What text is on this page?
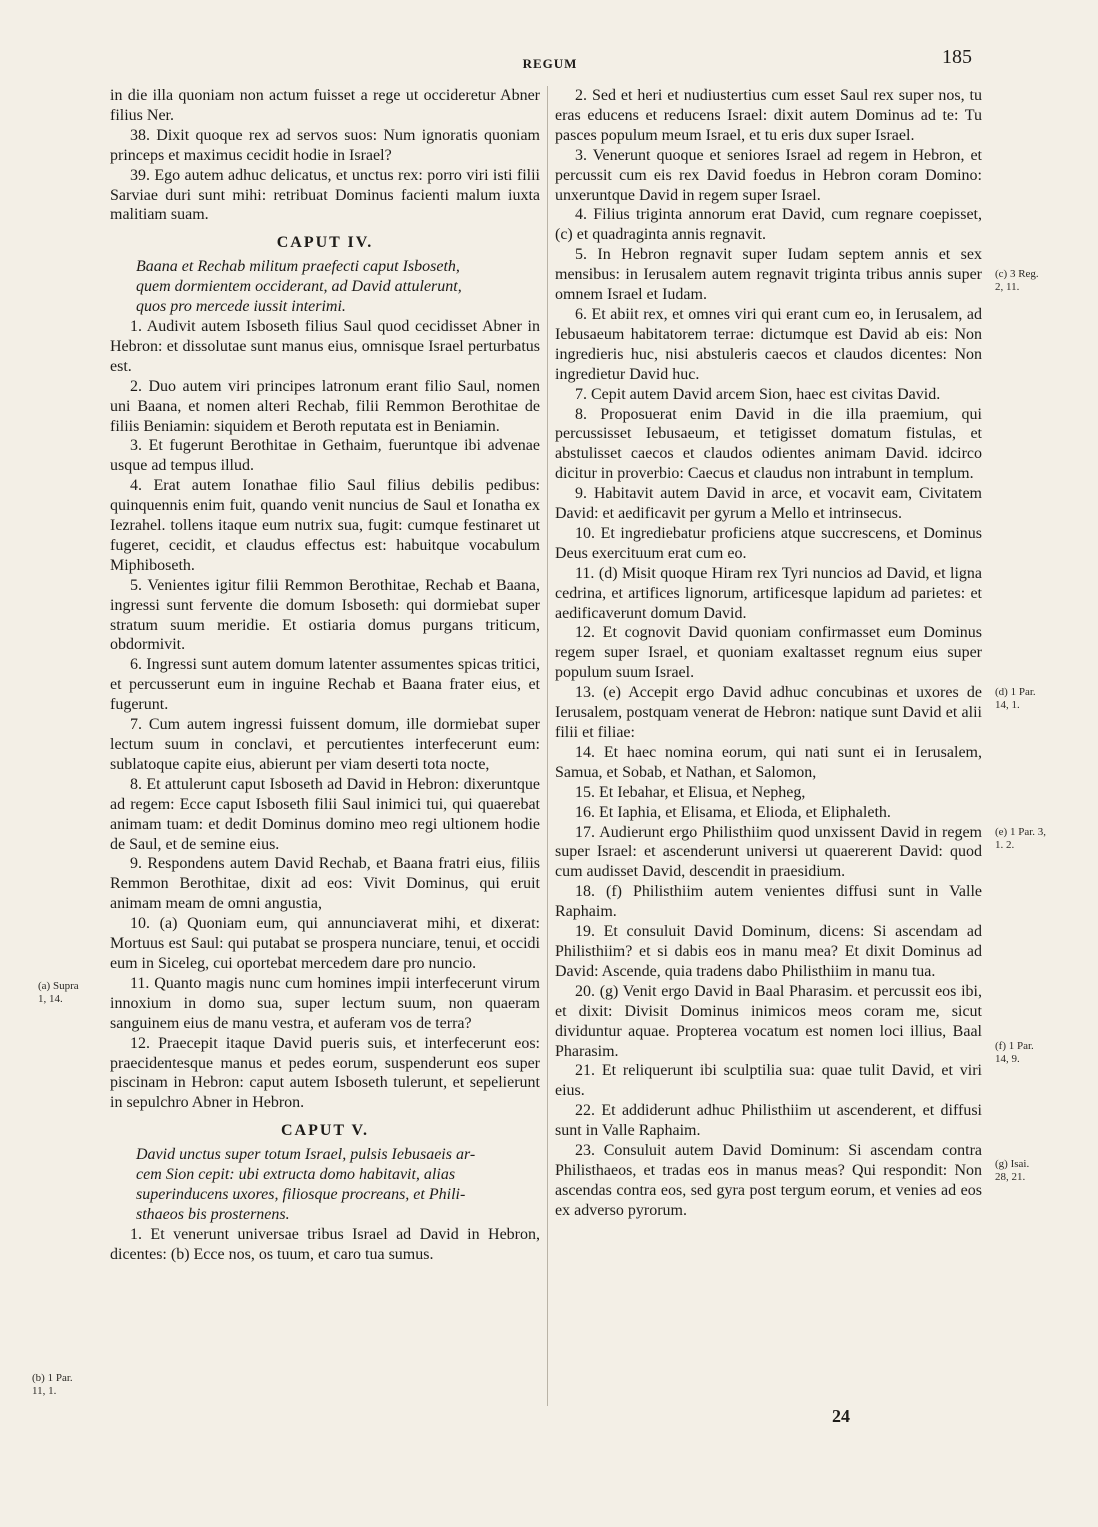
REGUM	185

in die illa quoniam non actum fuisset a rege ut occideretur Abner filius Ner.

38. Dixit quoque rex ad servos suos: Num ignoratis quoniam princeps et maximus cecidit hodie in Israel?

39. Ego autem adhuc delicatus, et unctus rex: porro viri isti filii Sarviae duri sunt mihi: retribuat Dominus facienti malum iuxta malitiam suam.

CAPUT IV.

Baana et Rechab militum praefecti caput Isboseth,
quem dormientem occiderant, ad David attulerunt,
quos pro mercede iussit interimi.

1. Audivit autem Isboseth filius Saul quod cecidisset Abner in Hebron: et dissolutae sunt manus eius, omnisque Israel perturbatus est.

2. Duo autem viri principes latronum erant filio Saul, nomen uni Baana, et nomen alteri Rechab, filii Remmon Berothitae de filiis Beniamin: siquidem et Beroth reputata est in Beniamin.

3. Et fugerunt Berothitae in Gethaim, fueruntque ibi advenae usque ad tempus illud.

4. Erat autem Ionathae filio Saul filius debilis pedibus: quinquennis enim fuit, quando venit nuncius de Saul et Ionatha ex Iezrahel. tollens itaque eum nutrix sua, fugit: cumque festinaret ut fugeret, cecidit, et claudus effectus est: habuitque vocabulum Miphiboseth.

5. Venientes igitur filii Remmon Berothitae, Rechab et Baana, ingressi sunt fervente die domum Isboseth: qui dormiebat super stratum suum meridie. Et ostiaria domus purgans triticum, obdormivit.

6. Ingressi sunt autem domum latenter assumentes spicas tritici, et percusserunt eum in inguine Rechab et Baana frater eius, et fugerunt.

7. Cum autem ingressi fuissent domum, ille dormiebat super lectum suum in conclavi, et percutientes interfecerunt eum: sublatoque capite eius, abierunt per viam deserti tota nocte,

8. Et attulerunt caput Isboseth ad David in Hebron: dixeruntque ad regem: Ecce caput Isboseth filii Saul inimici tui, qui quaerebat animam tuam: et dedit Dominus domino meo regi ultionem hodie de Saul, et de semine eius.

9. Respondens autem David Rechab, et Baana fratri eius, filiis Remmon Berothitae, dixit ad eos: Vivit Dominus, qui eruit animam meam de omni angustia,

10. (a) Quoniam eum, qui annunciaverat mihi, et dixerat: Mortuus est Saul: qui putabat se prospera nunciare, tenui, et occidi eum in Siceleg, cui oportebat mercedem dare pro nuncio.

11. Quanto magis nunc cum homines impii interfecerunt virum innoxium in domo sua, super lectum suum, non quaeram sanguinem eius de manu vestra, et auferam vos de terra?

12. Praecepit itaque David pueris suis, et interfecerunt eos: praecidentesque manus et pedes eorum, suspenderunt eos super piscinam in Hebron: caput autem Isboseth tulerunt, et sepelierunt in sepulchro Abner in Hebron.

CAPUT V.

David unctus super totum Israel, pulsis Iebusaeis ar-
cem Sion cepit: ubi extructa domo habitavit, alias
superinducens uxores, filiosque procreans, et Phili-
sthaeos bis prosternens.

1. Et venerunt universae tribus Israel ad David in Hebron, dicentes: (b) Ecce nos, os tuum, et caro tua sumus.

2. Sed et heri et nudiustertius cum esset Saul rex super nos, tu eras educens et reducens Israel: dixit autem Dominus ad te: Tu pasces populum meum Israel, et tu eris dux super Israel.

3. Venerunt quoque et seniores Israel ad regem in Hebron, et percussit cum eis rex David foedus in Hebron coram Domino: unxeruntque David in regem super Israel.

4. Filius triginta annorum erat David, cum regnare coepisset, (c) et quadraginta annis regnavit.

5. In Hebron regnavit super Iudam septem annis et sex mensibus: in Ierusalem autem regnavit triginta tribus annis super omnem Israel et Iudam.

6. Et abiit rex, et omnes viri qui erant cum eo, in Ierusalem, ad Iebusaeum habitatorem terrae: dictumque est David ab eis: Non ingredieris huc, nisi abstuleris caecos et claudos dicentes: Non ingredietur David huc.

7. Cepit autem David arcem Sion, haec est civitas David.

8. Proposuerat enim David in die illa praemium, qui percussisset Iebusaeum, et tetigisset domatum fistulas, et abstulisset caecos et claudos odientes animam David. idcirco dicitur in proverbio: Caecus et claudus non intrabunt in templum.

9. Habitavit autem David in arce, et vocavit eam, Civitatem David: et aedificavit per gyrum a Mello et intrinsecus.

10. Et ingrediebatur proficiens atque succrescens, et Dominus Deus exercituum erat cum eo.

11. (d) Misit quoque Hiram rex Tyri nuncios ad David, et ligna cedrina, et artifices lignorum, artificesque lapidum ad parietes: et aedificaverunt domum David.

12. Et cognovit David quoniam confirmasset eum Dominus regem super Israel, et quoniam exaltasset regnum eius super populum suum Israel.

13. (e) Accepit ergo David adhuc concubinas et uxores de Ierusalem, postquam venerat de Hebron: natique sunt David et alii filii et filiae:

14. Et haec nomina eorum, qui nati sunt ei in Ierusalem, Samua, et Sobab, et Nathan, et Salomon,

15. Et Iebahar, et Elisua, et Nepheg,

16. Et Iaphia, et Elisama, et Elioda, et Eliphaleth.

17. Audierunt ergo Philisthiim quod unxissent David in regem super Israel: et ascenderunt universi ut quaererent David: quod cum audisset David, descendit in praesidium.

18. (f) Philisthiim autem venientes diffusi sunt in Valle Raphaim.

19. Et consuluit David Dominum, dicens: Si ascendam ad Philisthiim? et si dabis eos in manu mea? Et dixit Dominus ad David: Ascende, quia tradens dabo Philisthiim in manu tua.

20. (g) Venit ergo David in Baal Pharasim. et percussit eos ibi, et dixit: Divisit Dominus inimicos meos coram me, sicut dividuntur aquae. Propterea vocatum est nomen loci illius, Baal Pharasim.

21. Et reliquerunt ibi sculptilia sua: quae tulit David, et viri eius.

22. Et addiderunt adhuc Philisthiim ut ascenderent, et diffusi sunt in Valle Raphaim.

23. Consuluit autem David Dominum: Si ascendam contra Philisthaeos, et tradas eos in manus meas? Qui respondit: Non ascendas contra eos, sed gyra post tergum eorum, et venies ad eos ex adverso pyrorum.

(a) Supra
1, 14.
(b) 1 Par.
11, 1.
(c) 3 Reg.
2, 11.
(d) 1 Par.
14, 1.
(e) 1 Par. 3,
1. 2.
(f) 1 Par.
14, 9.
(g) Isai.
28, 21.
24
